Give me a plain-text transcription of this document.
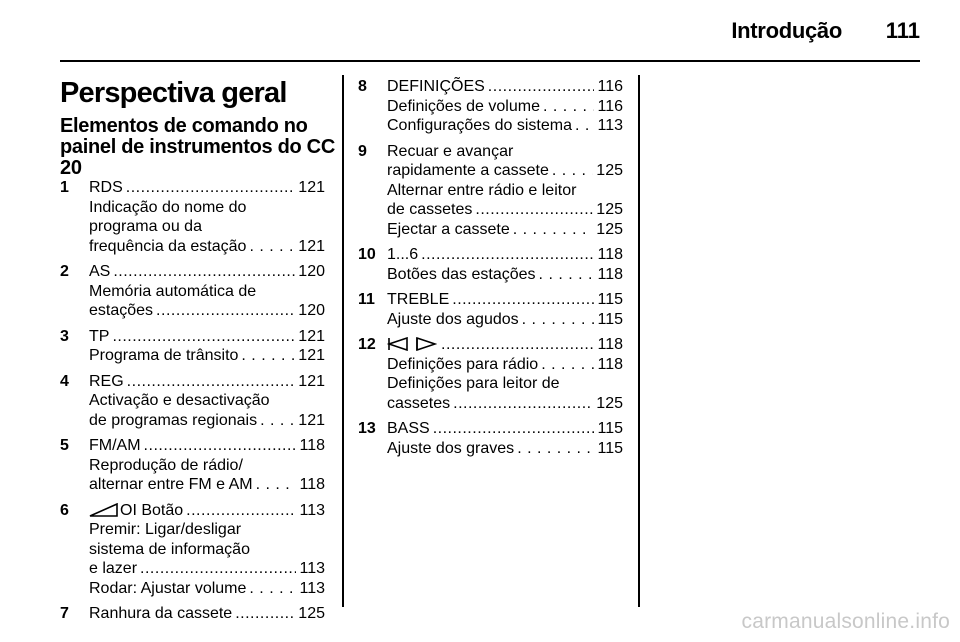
Introdução	111
Perspectiva geral
Elementos de comando no painel de instrumentos do CC 20
1 RDS .....	121
Indicação do nome do
programa ou da
frequência da estação . . .	121
2 AS .....	120
Memória automática de
estações .....	120
3 TP .....	121
Programa de trânsito . . .	121
4 REG .....	121
Activação e desactivação
de programas regionais . . .	121
5 FM/AM .....	118
Reprodução de rádio/
alternar entre FM e AM . . .	118
6	OI Botão .....	113
Premir: Ligar/desligar
sistema de informação
e lazer .....	113
Rodar: Ajustar volume . . .	113
7 Ranhura da cassete .....	125
8 DEFINIÇÕES .....	116
Definições de volume . . .	116
Configurações do sistema . . . 113
9 Recuar e avançar
rapidamente a cassete . . .	125
Alternar entre rádio e leitor
de cassetes .....	125
Ejectar a cassete . . .	125
10 1...6 .....	118
Botões das estações . . .	118
11 TREBLE .....	115
Ajuste dos agudos . . .	115
12 .....	118
Definições para rádio . . .	118
Definições para leitor de
cassetes .....	125
13 BASS .....	115
Ajuste dos graves . . .	115
carmanualsonline.info
